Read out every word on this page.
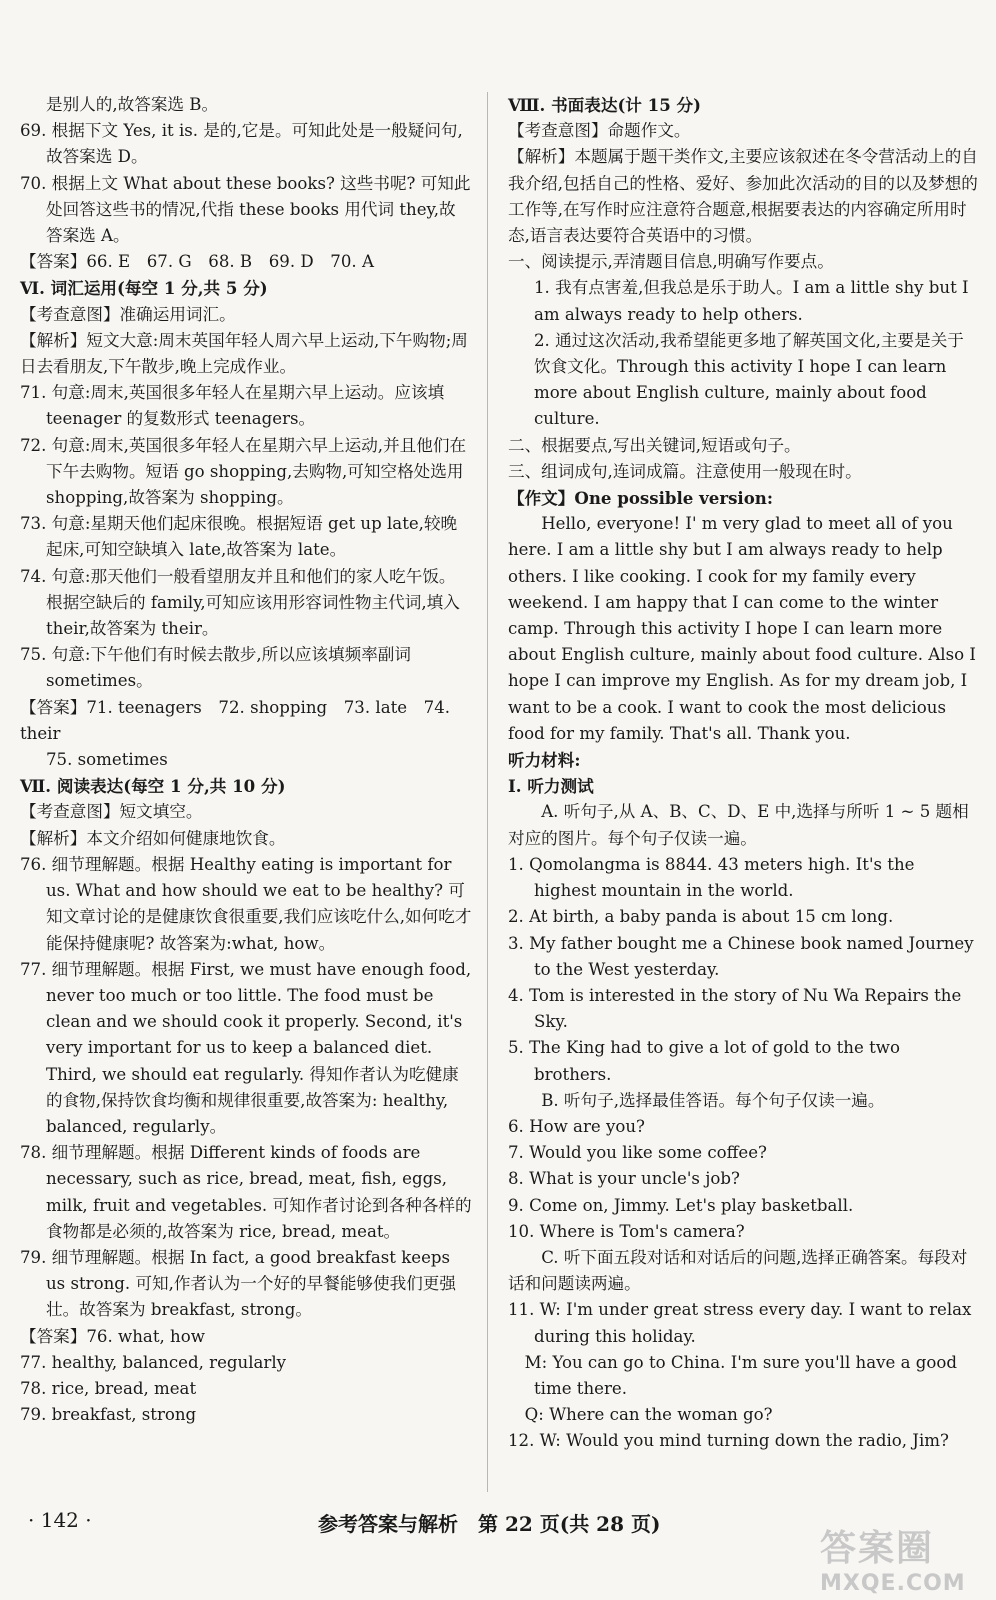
是别人的,故答案选 B。

69. 根据下文 Yes, it is. 是的,它是。可知此处是一般疑问句,故答案选 D。

70. 根据上文 What about these books? 这些书呢? 可知此处回答这些书的情况,代指 these books 用代词 they,故答案选 A。

【答案】66. E　67. G　68. B　69. D　70. A

Ⅵ. 词汇运用(每空 1 分,共 5 分)

【考查意图】准确运用词汇。

【解析】短文大意:周末英国年轻人周六早上运动,下午购物;周日去看朋友,下午散步,晚上完成作业。

71. 句意:周末,英国很多年轻人在星期六早上运动。应该填 teenager 的复数形式 teenagers。

72. 句意:周末,英国很多年轻人在星期六早上运动,并且他们在下午去购物。短语 go shopping,去购物,可知空格处选用 shopping,故答案为 shopping。

73. 句意:星期天他们起床很晚。根据短语 get up late,较晚起床,可知空缺填入 late,故答案为 late。

74. 句意:那天他们一般看望朋友并且和他们的家人吃午饭。根据空缺后的 family,可知应该用形容词性物主代词,填入 their,故答案为 their。

75. 句意:下午他们有时候去散步,所以应该填频率副词 sometimes。

【答案】71. teenagers　72. shopping　73. late　74. their

75. sometimes

Ⅶ. 阅读表达(每空 1 分,共 10 分)

【考查意图】短文填空。

【解析】本文介绍如何健康地饮食。

76. 细节理解题。根据 Healthy eating is important for us. What and how should we eat to be healthy? 可知文章讨论的是健康饮食很重要,我们应该吃什么,如何吃才能保持健康呢? 故答案为:what, how。

77. 细节理解题。根据 First, we must have enough food, never too much or too little. The food must be clean and we should cook it properly. Second, it's very important for us to keep a balanced diet. Third, we should eat regularly. 得知作者认为吃健康的食物,保持饮食均衡和规律很重要,故答案为: healthy, balanced, regularly。

78. 细节理解题。根据 Different kinds of foods are necessary, such as rice, bread, meat, fish, eggs, milk, fruit and vegetables. 可知作者讨论到各种各样的食物都是必须的,故答案为 rice, bread, meat。

79. 细节理解题。根据 In fact, a good breakfast keeps us strong. 可知,作者认为一个好的早餐能够使我们更强壮。故答案为 breakfast, strong。

【答案】76. what, how

77. healthy, balanced, regularly

78. rice, bread, meat

79. breakfast, strong

Ⅷ. 书面表达(计 15 分)

【考查意图】命题作文。

【解析】本题属于题干类作文,主要应该叙述在冬令营活动上的自我介绍,包括自己的性格、爱好、参加此次活动的目的以及梦想的工作等,在写作时应注意符合题意,根据要表达的内容确定所用时态,语言表达要符合英语中的习惯。

一、阅读提示,弄清题目信息,明确写作要点。

1. 我有点害羞,但我总是乐于助人。I am a little shy but I am always ready to help others.

2. 通过这次活动,我希望能更多地了解英国文化,主要是关于饮食文化。Through this activity I hope I can learn more about English culture, mainly about food culture.

二、根据要点,写出关键词,短语或句子。

三、组词成句,连词成篇。注意使用一般现在时。

【作文】One possible version:

Hello, everyone! I' m very glad to meet all of you here. I am a little shy but I am always ready to help others. I like cooking. I cook for my family every weekend. I am happy that I can come to the winter camp. Through this activity I hope I can learn more about English culture, mainly about food culture. Also I hope I can improve my English. As for my dream job, I want to be a cook. I want to cook the most delicious food for my family. That's all. Thank you.

听力材料:

Ⅰ. 听力测试

A. 听句子,从 A、B、C、D、E 中,选择与所听 1 ~ 5 题相对应的图片。每个句子仅读一遍。

1. Qomolangma is 8844. 43 meters high. It's the highest mountain in the world.

2. At birth, a baby panda is about 15 cm long.

3. My father bought me a Chinese book named Journey to the West yesterday.

4. Tom is interested in the story of Nu Wa Repairs the Sky.

5. The King had to give a lot of gold to the two brothers.

B. 听句子,选择最佳答语。每个句子仅读一遍。

6. How are you?

7. Would you like some coffee?

8. What is your uncle's job?

9. Come on, Jimmy. Let's play basketball.

10. Where is Tom's camera?

C. 听下面五段对话和对话后的问题,选择正确答案。每段对话和问题读两遍。

11. W: I'm under great stress every day. I want to relax during this holiday.

　M: You can go to China. I'm sure you'll have a good time there.

　Q: Where can the woman go?

12. W: Would you mind turning down the radio, Jim?

· 142 ·	参考答案与解析　第 22 页(共 28 页)
答案圈
MXQE.COM
